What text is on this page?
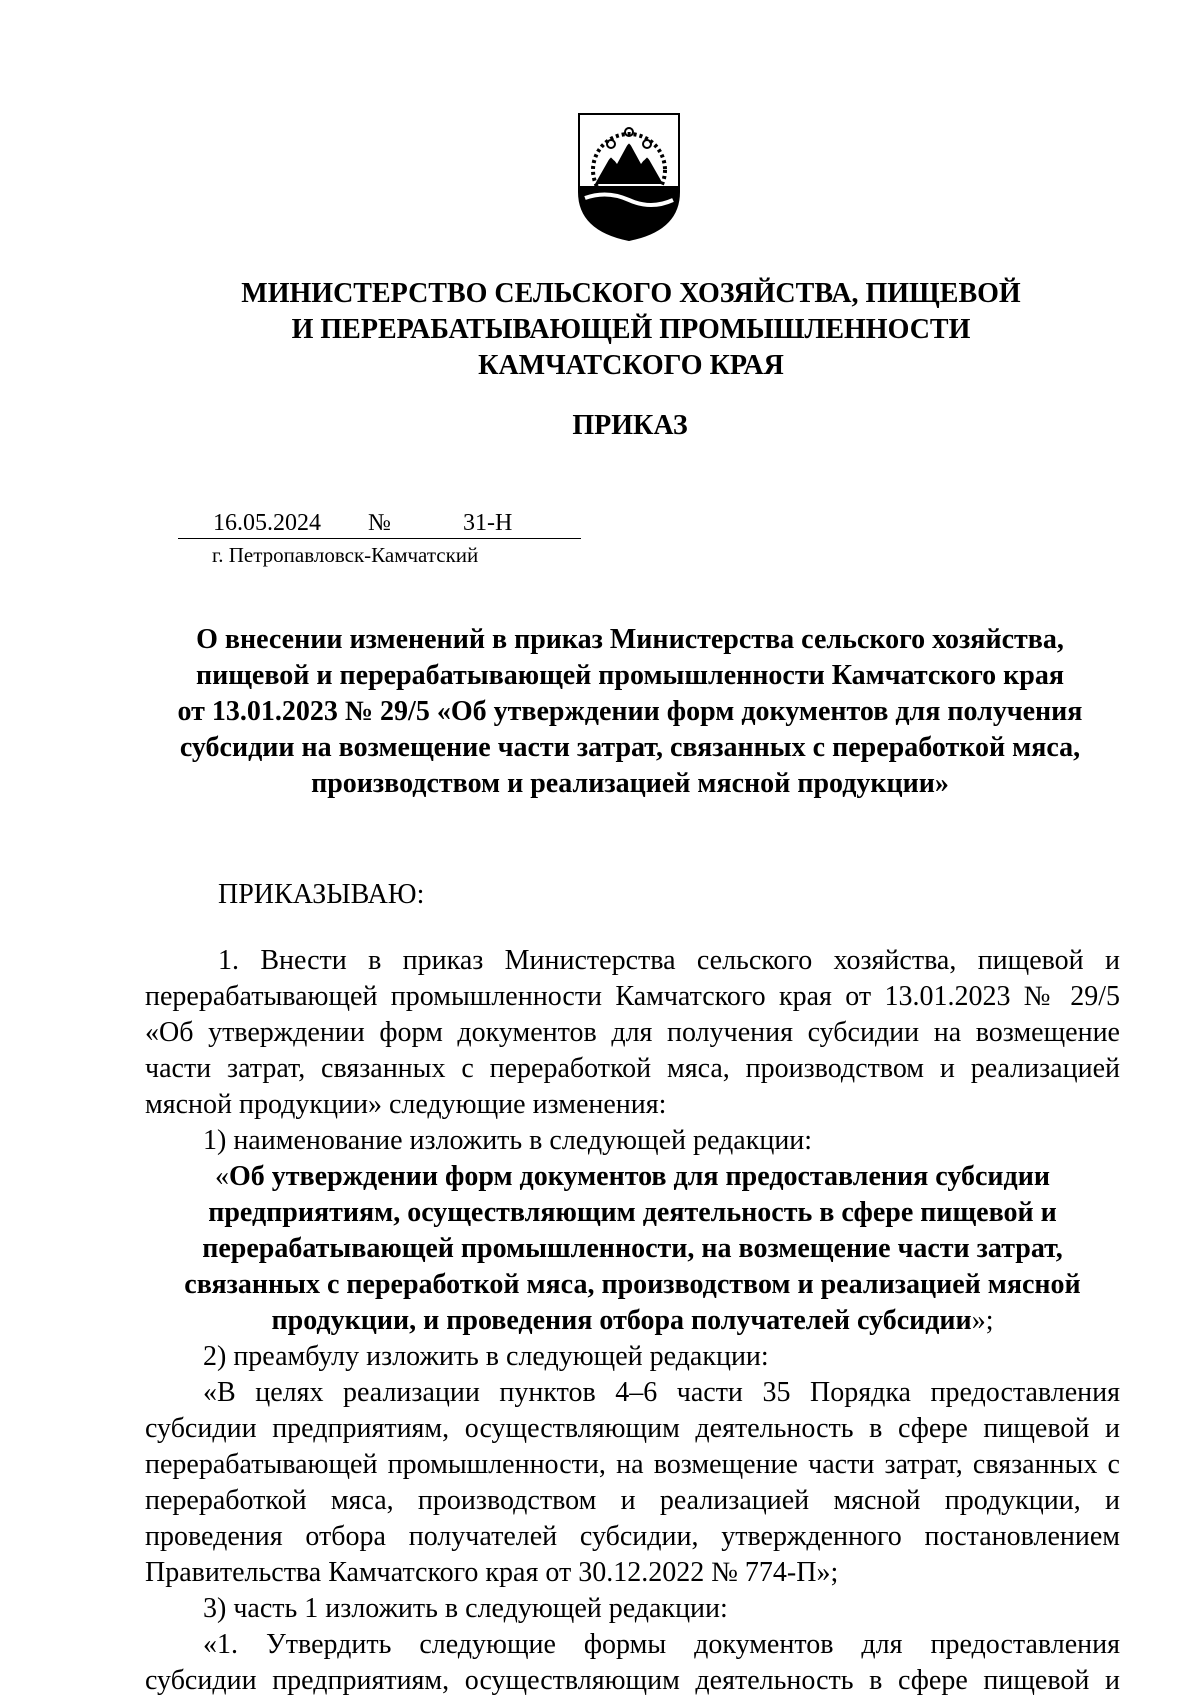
МИНИСТЕРСТВО СЕЛЬСКОГО ХОЗЯЙСТВА, ПИЩЕВОЙ
И ПЕРЕРАБАТЫВАЮЩЕЙ ПРОМЫШЛЕННОСТИ
КАМЧАТСКОГО КРАЯ
ПРИКАЗ
16.05.2024 №	31-Н
г. Петропавловск-Камчатский
О внесении изменений в приказ Министерства сельского хозяйства,
пищевой и перерабатывающей промышленности Камчатского края
от 13.01.2023 № 29/5 «Об утверждении форм документов для получения
субсидии на возмещение части затрат, связанных с переработкой мяса,
производством и реализацией мясной продукции»
ПРИКАЗЫВАЮ:
1. Внести в приказ Министерства сельского хозяйства, пищевой и
перерабатывающей промышленности Камчатского края от 13.01.2023 № 29/5
«Об утверждении форм документов для получения субсидии на возмещение
части затрат, связанных с переработкой мяса, производством и реализацией
мясной продукции» следующие изменения:
1) наименование изложить в следующей редакции:
«Об утверждении форм документов для предоставления субсидии
предприятиям, осуществляющим деятельность в сфере пищевой и
перерабатывающей промышленности, на возмещение части затрат,
связанных с переработкой мяса, производством и реализацией мясной
продукции, и проведения отбора получателей субсидии»;
2) преамбулу изложить в следующей редакции:
«В целях реализации пунктов 4–6 части 35 Порядка предоставления
субсидии предприятиям, осуществляющим деятельность в сфере пищевой и
перерабатывающей промышленности, на возмещение части затрат, связанных с
переработкой мяса, производством и реализацией мясной продукции, и
проведения отбора получателей субсидии, утвержденного постановлением
Правительства Камчатского края от 30.12.2022 № 774-П»;
3) часть 1 изложить в следующей редакции:
«1. Утвердить следующие формы документов для предоставления
субсидии предприятиям, осуществляющим деятельность в сфере пищевой и
